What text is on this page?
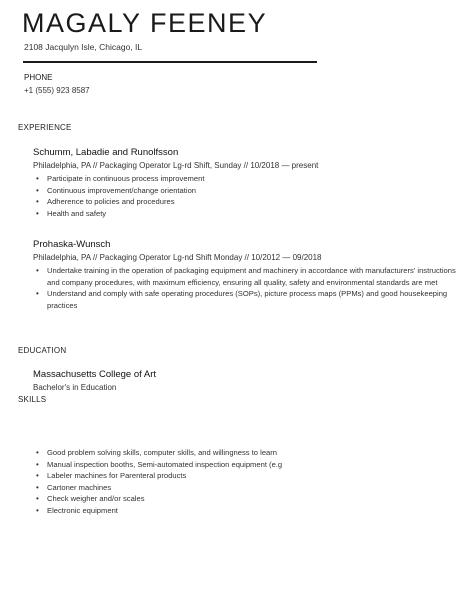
MAGALY FEENEY
2108 Jacqulyn Isle, Chicago, IL
PHONE
+1 (555) 923 8587
EXPERIENCE
Schumm, Labadie and Runolfsson
Philadelphia, PA // Packaging Operator Lg-rd Shift, Sunday // 10/2018 — present
• Participate in continuous process improvement
• Continuous improvement/change orientation
• Adherence to policies and procedures
• Health and safety
Prohaska-Wunsch
Philadelphia, PA // Packaging Operator Lg-nd Shift Monday // 10/2012 — 09/2018
• Undertake training in the operation of packaging equipment and machinery in accordance with manufacturers' instructions and company procedures, with maximum efficiency, ensuring all quality, safety and environmental standards are met
• Understand and comply with safe operating procedures (SOPs), picture process maps (PPMs) and good housekeeping practices
EDUCATION
Massachusetts College of Art
Bachelor's in Education
SKILLS
• Good problem solving skills, computer skills, and willingness to learn
• Manual inspection booths, Semi-automated inspection equipment (e.g
• Labeler machines for Parenteral products
• Cartoner machines
• Check weigher and/or scales
• Electronic equipment
